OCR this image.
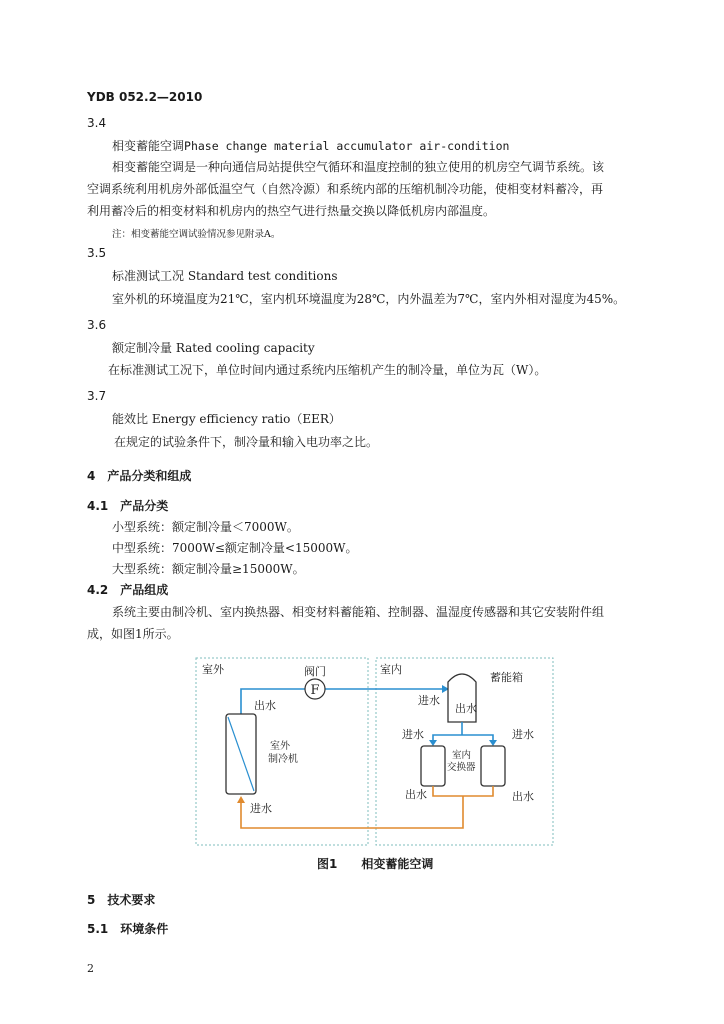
YDB 052.2—2010
3.4
相变蓄能空调Phase change material accumulator air-condition
相变蓄能空调是一种向通信局站提供空气循环和温度控制的独立使用的机房空气调节系统。该
空调系统利用机房外部低温空气（自然冷源）和系统内部的压缩机制冷功能，使相变材料蓄冷，再
利用蓄冷后的相变材料和机房内的热空气进行热量交换以降低机房内部温度。
注：相变蓄能空调试验情况参见附录A。
3.5
标准测试工况 Standard test conditions
室外机的环境温度为21℃，室内机环境温度为28℃，内外温差为7℃，室内外相对湿度为45%。
3.6
额定制冷量 Rated cooling capacity
在标准测试工况下，单位时间内通过系统内压缩机产生的制冷量，单位为瓦（W）。
3.7
能效比 Energy efficiency ratio（EER）
在规定的试验条件下，制冷量和输入电功率之比。
4　产品分类和组成
4.1　产品分类
小型系统：额定制冷量＜7000W。
中型系统：7000W≤额定制冷量<15000W。
大型系统：额定制冷量≥15000W。
4.2　产品组成
系统主要由制冷机、室内换热器、相变材料蓄能箱、控制器、温湿度传感器和其它安装附件组
成，如图1所示。
室外	室内
阀门
F
出水
室外
制冷机
进水
蓄能箱
进水
出水
进水	进水
室内
交换器
出水	出水
图1　　相变蓄能空调
5　技术要求
5.1　环境条件
2
